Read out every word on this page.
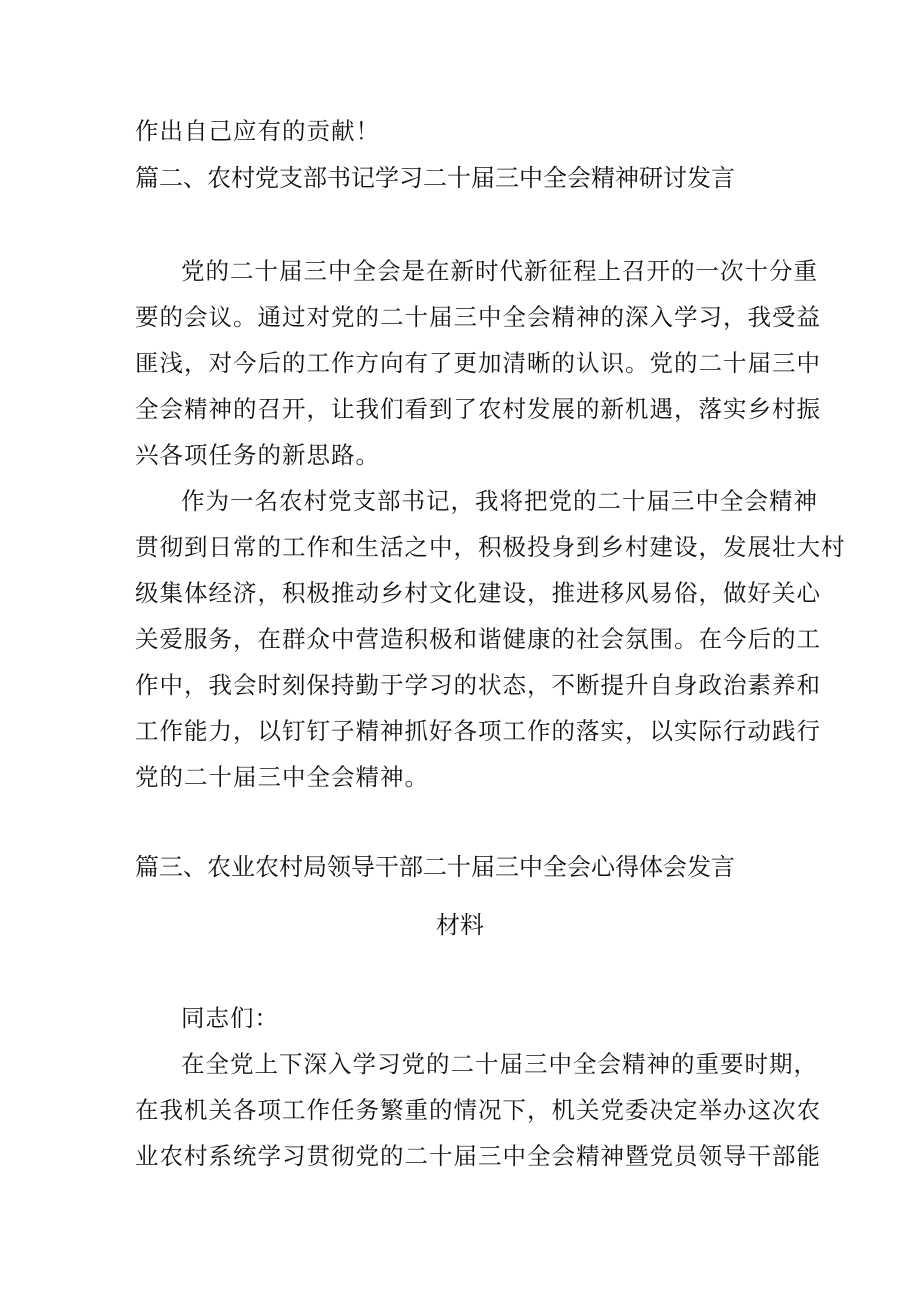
作出自己应有的贡献！
篇二、农村党支部书记学习二十届三中全会精神研讨发言
党的二十届三中全会是在新时代新征程上召开的一次十分重
要的会议。通过对党的二十届三中全会精神的深入学习，我受益
匪浅，对今后的工作方向有了更加清晰的认识。党的二十届三中
全会精神的召开，让我们看到了农村发展的新机遇，落实乡村振
兴各项任务的新思路。
作为一名农村党支部书记，我将把党的二十届三中全会精神
贯彻到日常的工作和生活之中，积极投身到乡村建设，发展壮大村
级集体经济，积极推动乡村文化建设，推进移风易俗，做好关心
关爱服务，在群众中营造积极和谐健康的社会氛围。在今后的工
作中，我会时刻保持勤于学习的状态，不断提升自身政治素养和
工作能力，以钉钉子精神抓好各项工作的落实，以实际行动践行
党的二十届三中全会精神。
篇三、农业农村局领导干部二十届三中全会心得体会发言
材料
同志们：
在全党上下深入学习党的二十届三中全会精神的重要时期，
在我机关各项工作任务繁重的情况下，机关党委决定举办这次农
业农村系统学习贯彻党的二十届三中全会精神暨党员领导干部能
